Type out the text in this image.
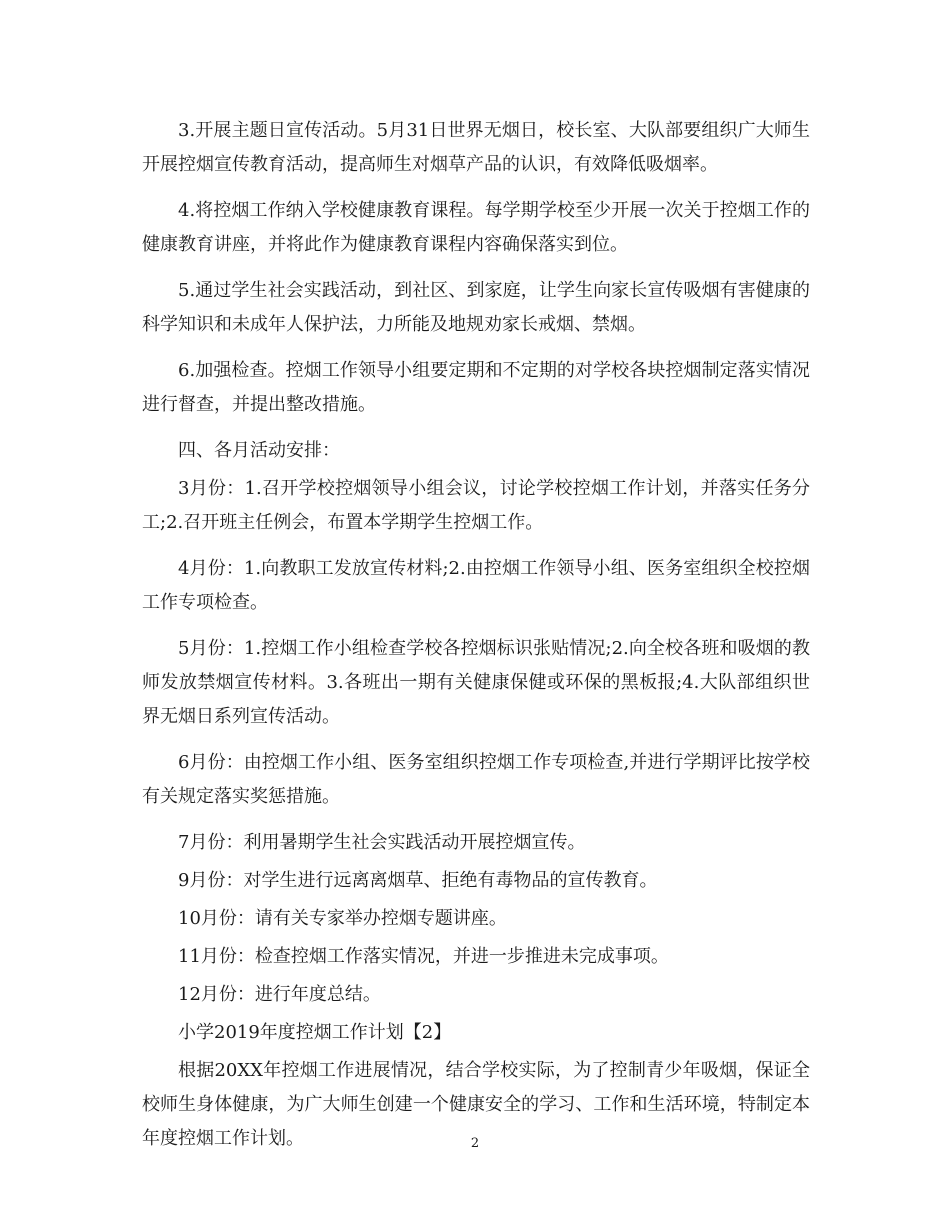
3.开展主题日宣传活动。5月31日世界无烟日，校长室、大队部要组织广大师生开展控烟宣传教育活动，提高师生对烟草产品的认识，有效降低吸烟率。

4.将控烟工作纳入学校健康教育课程。每学期学校至少开展一次关于控烟工作的健康教育讲座，并将此作为健康教育课程内容确保落实到位。

5.通过学生社会实践活动，到社区、到家庭，让学生向家长宣传吸烟有害健康的科学知识和未成年人保护法，力所能及地规劝家长戒烟、禁烟。

6.加强检查。控烟工作领导小组要定期和不定期的对学校各块控烟制定落实情况进行督查，并提出整改措施。

四、各月活动安排：

3月份：1.召开学校控烟领导小组会议，讨论学校控烟工作计划，并落实任务分工;2.召开班主任例会，布置本学期学生控烟工作。

4月份：1.向教职工发放宣传材料;2.由控烟工作领导小组、医务室组织全校控烟工作专项检查。

5月份：1.控烟工作小组检查学校各控烟标识张贴情况;2.向全校各班和吸烟的教师发放禁烟宣传材料。3.各班出一期有关健康保健或环保的黑板报;4.大队部组织世界无烟日系列宣传活动。

6月份：由控烟工作小组、医务室组织控烟工作专项检查,并进行学期评比按学校有关规定落实奖惩措施。

7月份：利用暑期学生社会实践活动开展控烟宣传。

9月份：对学生进行远离离烟草、拒绝有毒物品的宣传教育。

10月份：请有关专家举办控烟专题讲座。

11月份：检查控烟工作落实情况，并进一步推进未完成事项。

12月份：进行年度总结。

小学2019年度控烟工作计划【2】

根据20XX年控烟工作进展情况，结合学校实际，为了控制青少年吸烟，保证全校师生身体健康，为广大师生创建一个健康安全的学习、工作和生活环境，特制定本年度控烟工作计划。	2
